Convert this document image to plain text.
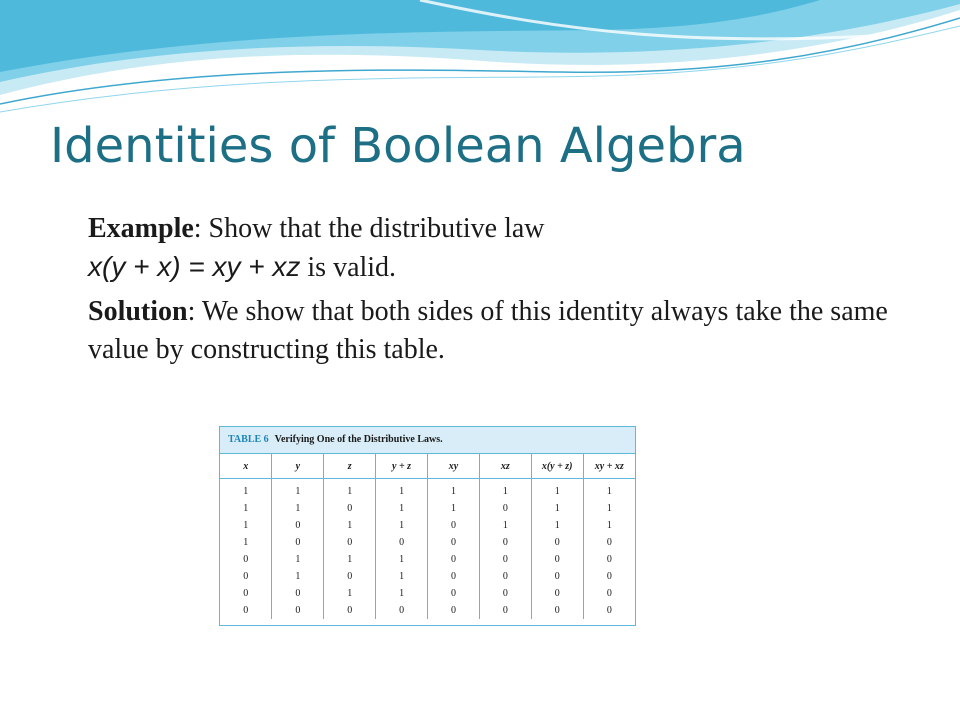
Identities of Boolean Algebra

Example: Show that the distributive law
x(y + x) = xy + xz is valid.

Solution: We show that both sides of this identity always take the same value by constructing this table.

TABLE 6 Verifying One of the Distributive Laws.
x	y	z	y + z	xy	xz	x(y + z)	xy + xz
1	1	1	1	1	1	1	1
1	1	0	1	1	0	1	1
1	0	1	1	0	1	1	1
1	0	0	0	0	0	0	0
0	1	1	1	0	0	0	0
0	1	0	1	0	0	0	0
0	0	1	1	0	0	0	0
0	0	0	0	0	0	0	0
